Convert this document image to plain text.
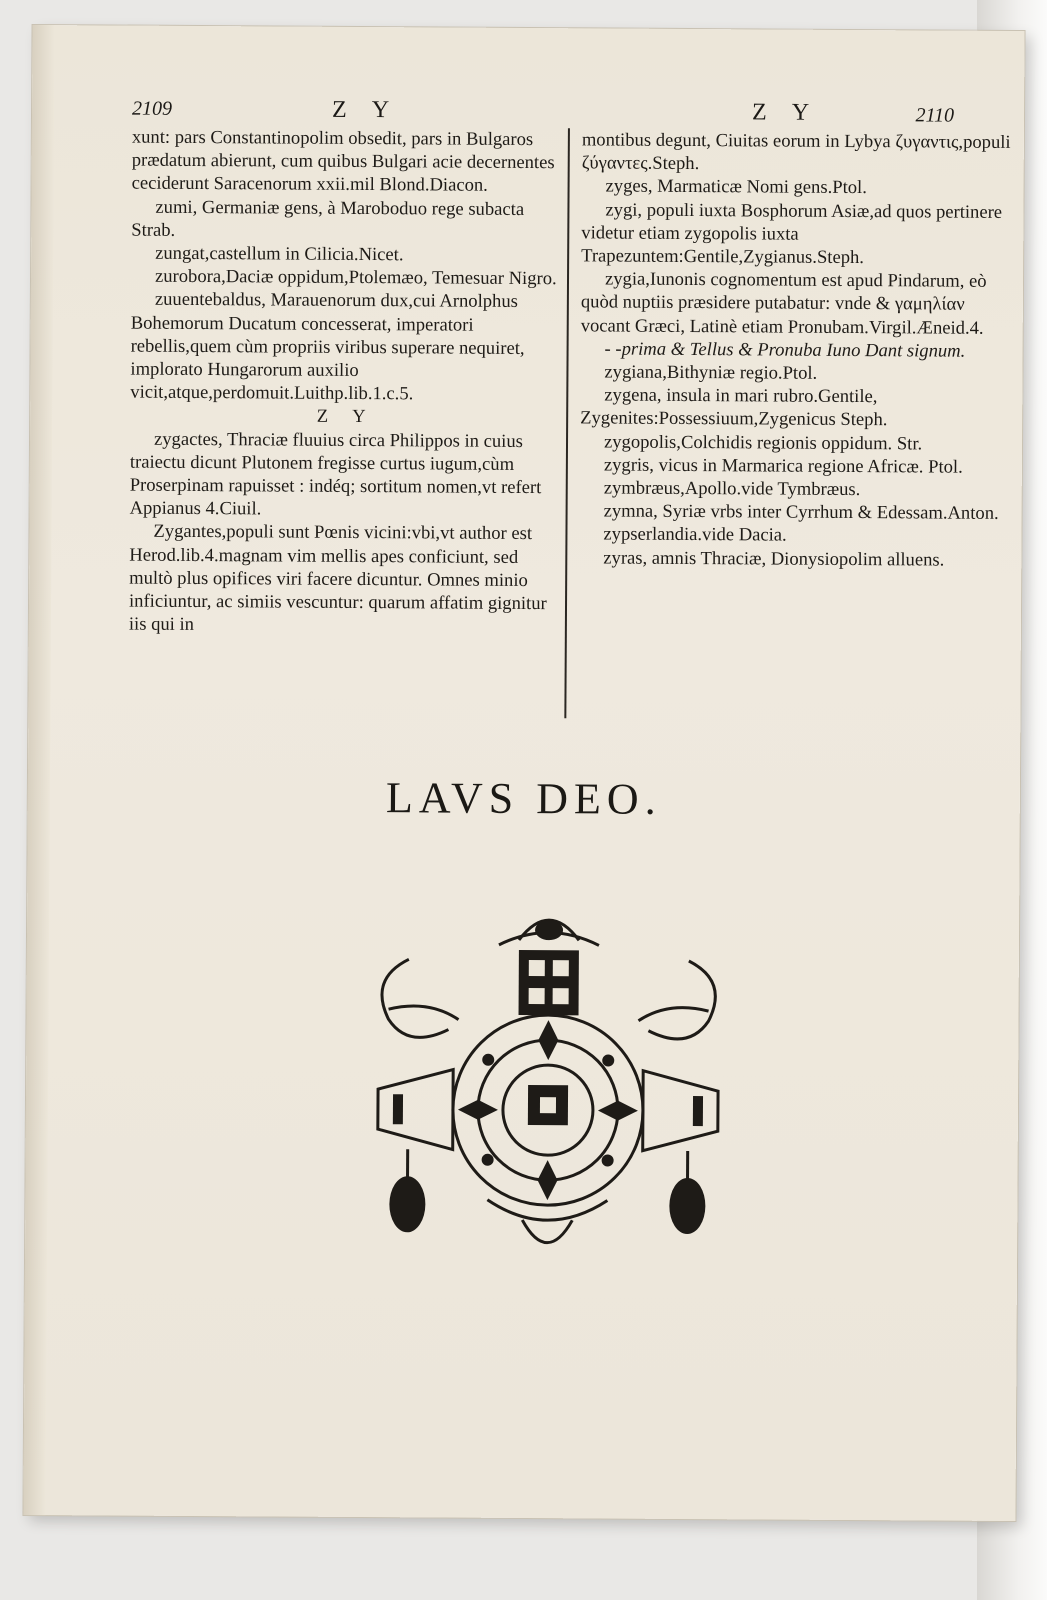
2109	Z Y	Z Y	2110

xunt: pars Constantinopolim obsedit, pars in Bulgaros prædatum abierunt, cum quibus Bulgari acie decernentes ceciderunt Saracenorum xxii.mil Blond.Diacon.

zumi, Germaniæ gens, à Maroboduo rege subacta Strab.

zungat,castellum in Cilicia.Nicet.

zurobora,Daciæ oppidum,Ptolemæo, Temesuar Nigro.

zuuentebaldus, Marauenorum dux,cui Arnolphus Bohemorum Ducatum concesserat, imperatori rebellis,quem cùm propriis viribus superare nequiret, implorato Hungarorum auxilio vicit,atque,perdomuit.Luithp.lib.1.c.5.

Z Y

zygactes, Thraciæ fluuius circa Philippos in cuius traiectu dicunt Plutonem fregisse curtus iugum,cùm Proserpinam rapuisset : indéq; sortitum nomen,vt refert Appianus 4.Ciuil.

Zygantes,populi sunt Pœnis vicini:vbi,vt author est Herod.lib.4.magnam vim mellis apes conficiunt, sed multò plus opifices viri facere dicuntur. Omnes minio inficiuntur, ac simiis vescuntur: quarum affatim gignitur iis qui in

montibus degunt, Ciuitas eorum in Lybya ζυγαντις,populi ζύγαντες.Steph.

zyges, Marmaticæ Nomi gens.Ptol.

zygi, populi iuxta Bosphorum Asiæ,ad quos pertinere videtur etiam zygopolis iuxta Trapezuntem:Gentile,Zygianus.Steph.

zygia,Iunonis cognomentum est apud Pindarum, eò quòd nuptiis præsidere putabatur: vnde & γαμηλίαν vocant Græci, Latinè etiam Pronubam.Virgil.Æneid.4.

- -prima & Tellus & Pronuba Iuno Dant signum.

zygiana,Bithyniæ regio.Ptol.

zygena, insula in mari rubro.Gentile, Zygenites:Possessiuum,Zygenicus Steph.

zygopolis,Colchidis regionis oppidum. Str.

zygris, vicus in Marmarica regione Africæ. Ptol.

zymbræus,Apollo.vide Tymbræus.

zymna, Syriæ vrbs inter Cyrrhum & Edessam.Anton.

zypserlandia.vide Dacia.

zyras, amnis Thraciæ, Dionysiopolim alluens.

LAVS DEO.
